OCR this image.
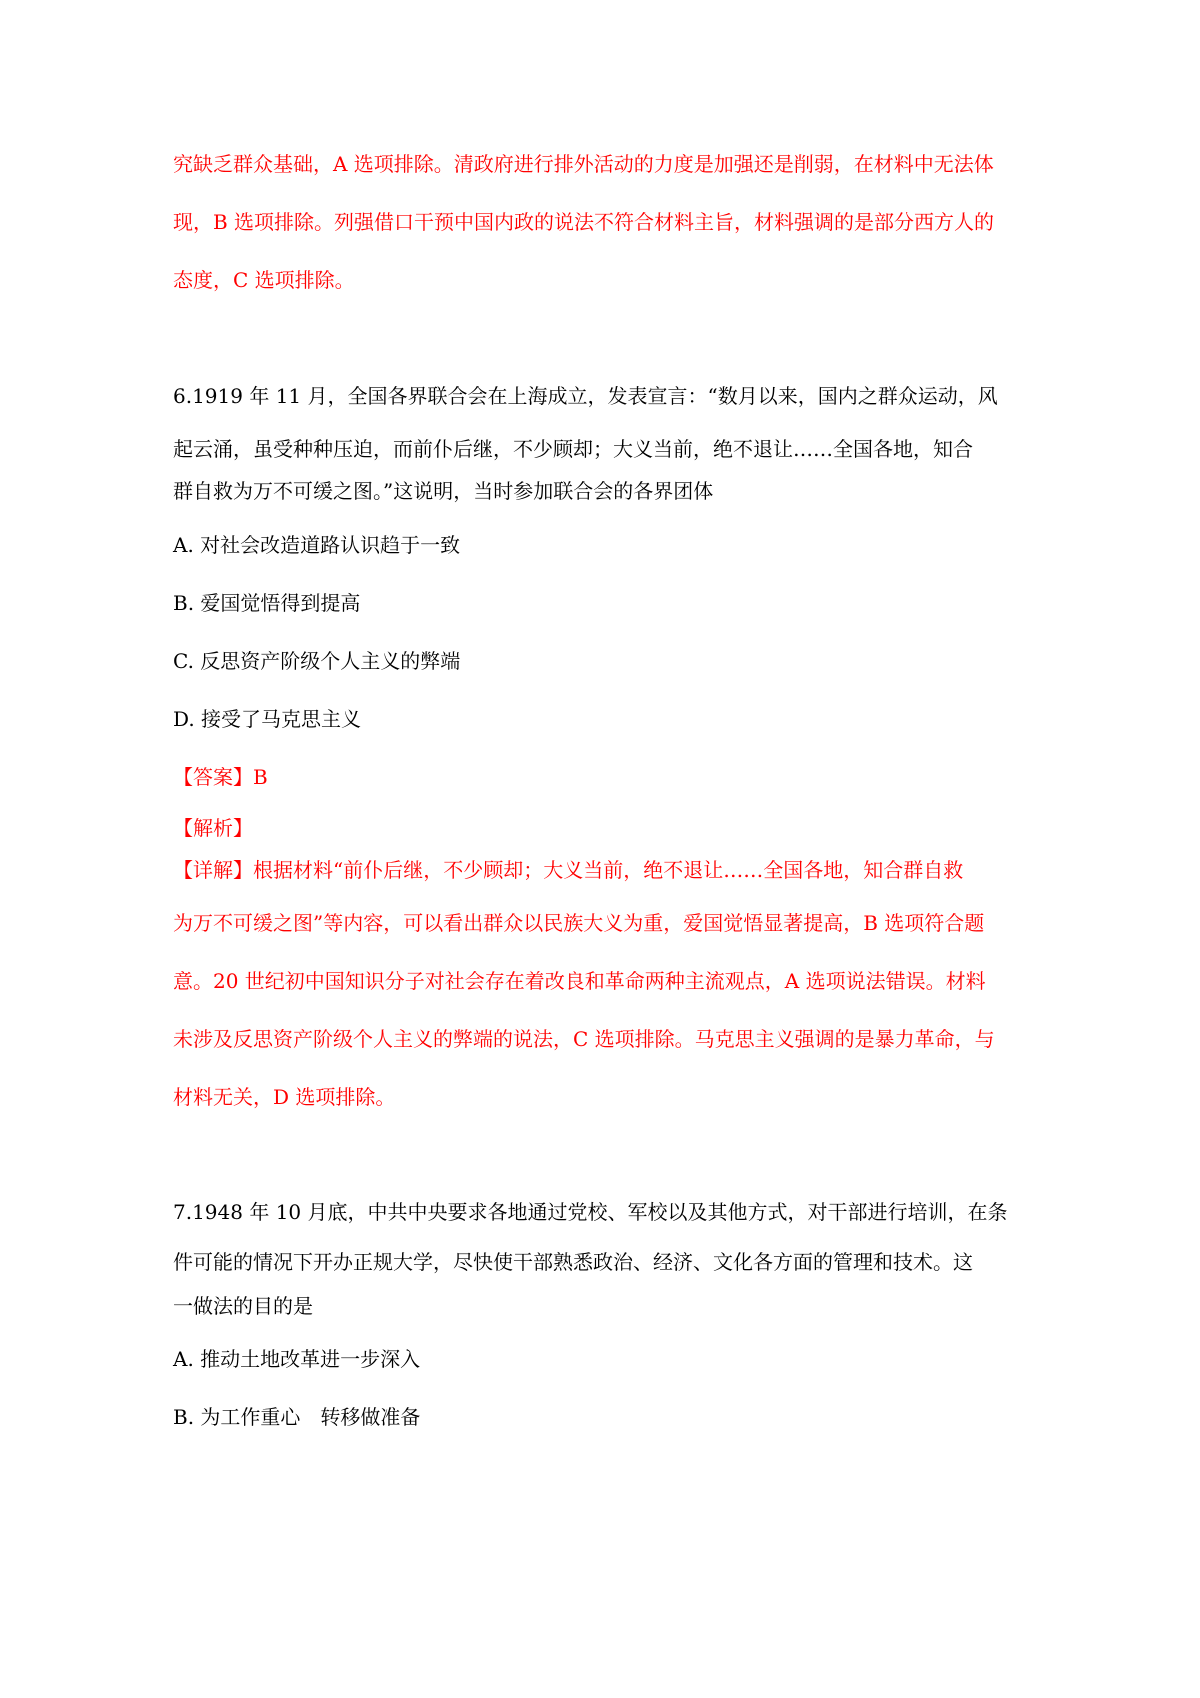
究缺乏群众基础，A 选项排除。清政府进行排外活动的力度是加强还是削弱，在材料中无法体
现，B 选项排除。列强借口干预中国内政的说法不符合材料主旨，材料强调的是部分西方人的
态度，C 选项排除。
6.1919 年 11 月，全国各界联合会在上海成立，发表宣言：“数月以来，国内之群众运动，风
起云涌，虽受种种压迫，而前仆后继，不少顾却；大义当前，绝不退让……全国各地，知合
群自救为万不可缓之图。”这说明，当时参加联合会的各界团体
A. 对社会改造道路认识趋于一致
B. 爱国觉悟得到提高
C. 反思资产阶级个人主义的弊端
D. 接受了马克思主义
【答案】B
【解析】
【详解】根据材料“前仆后继，不少顾却；大义当前，绝不退让……全国各地，知合群自救
为万不可缓之图”等内容，可以看出群众以民族大义为重，爱国觉悟显著提高，B 选项符合题
意。20 世纪初中国知识分子对社会存在着改良和革命两种主流观点，A 选项说法错误。材料
未涉及反思资产阶级个人主义的弊端的说法，C 选项排除。马克思主义强调的是暴力革命，与
材料无关，D 选项排除。
7.1948 年 10 月底，中共中央要求各地通过党校、军校以及其他方式，对干部进行培训，在条
件可能的情况下开办正规大学，尽快使干部熟悉政治、经济、文化各方面的管理和技术。这
一做法的目的是
A. 推动土地改革进一步深入
B. 为工作重心　转移做准备
